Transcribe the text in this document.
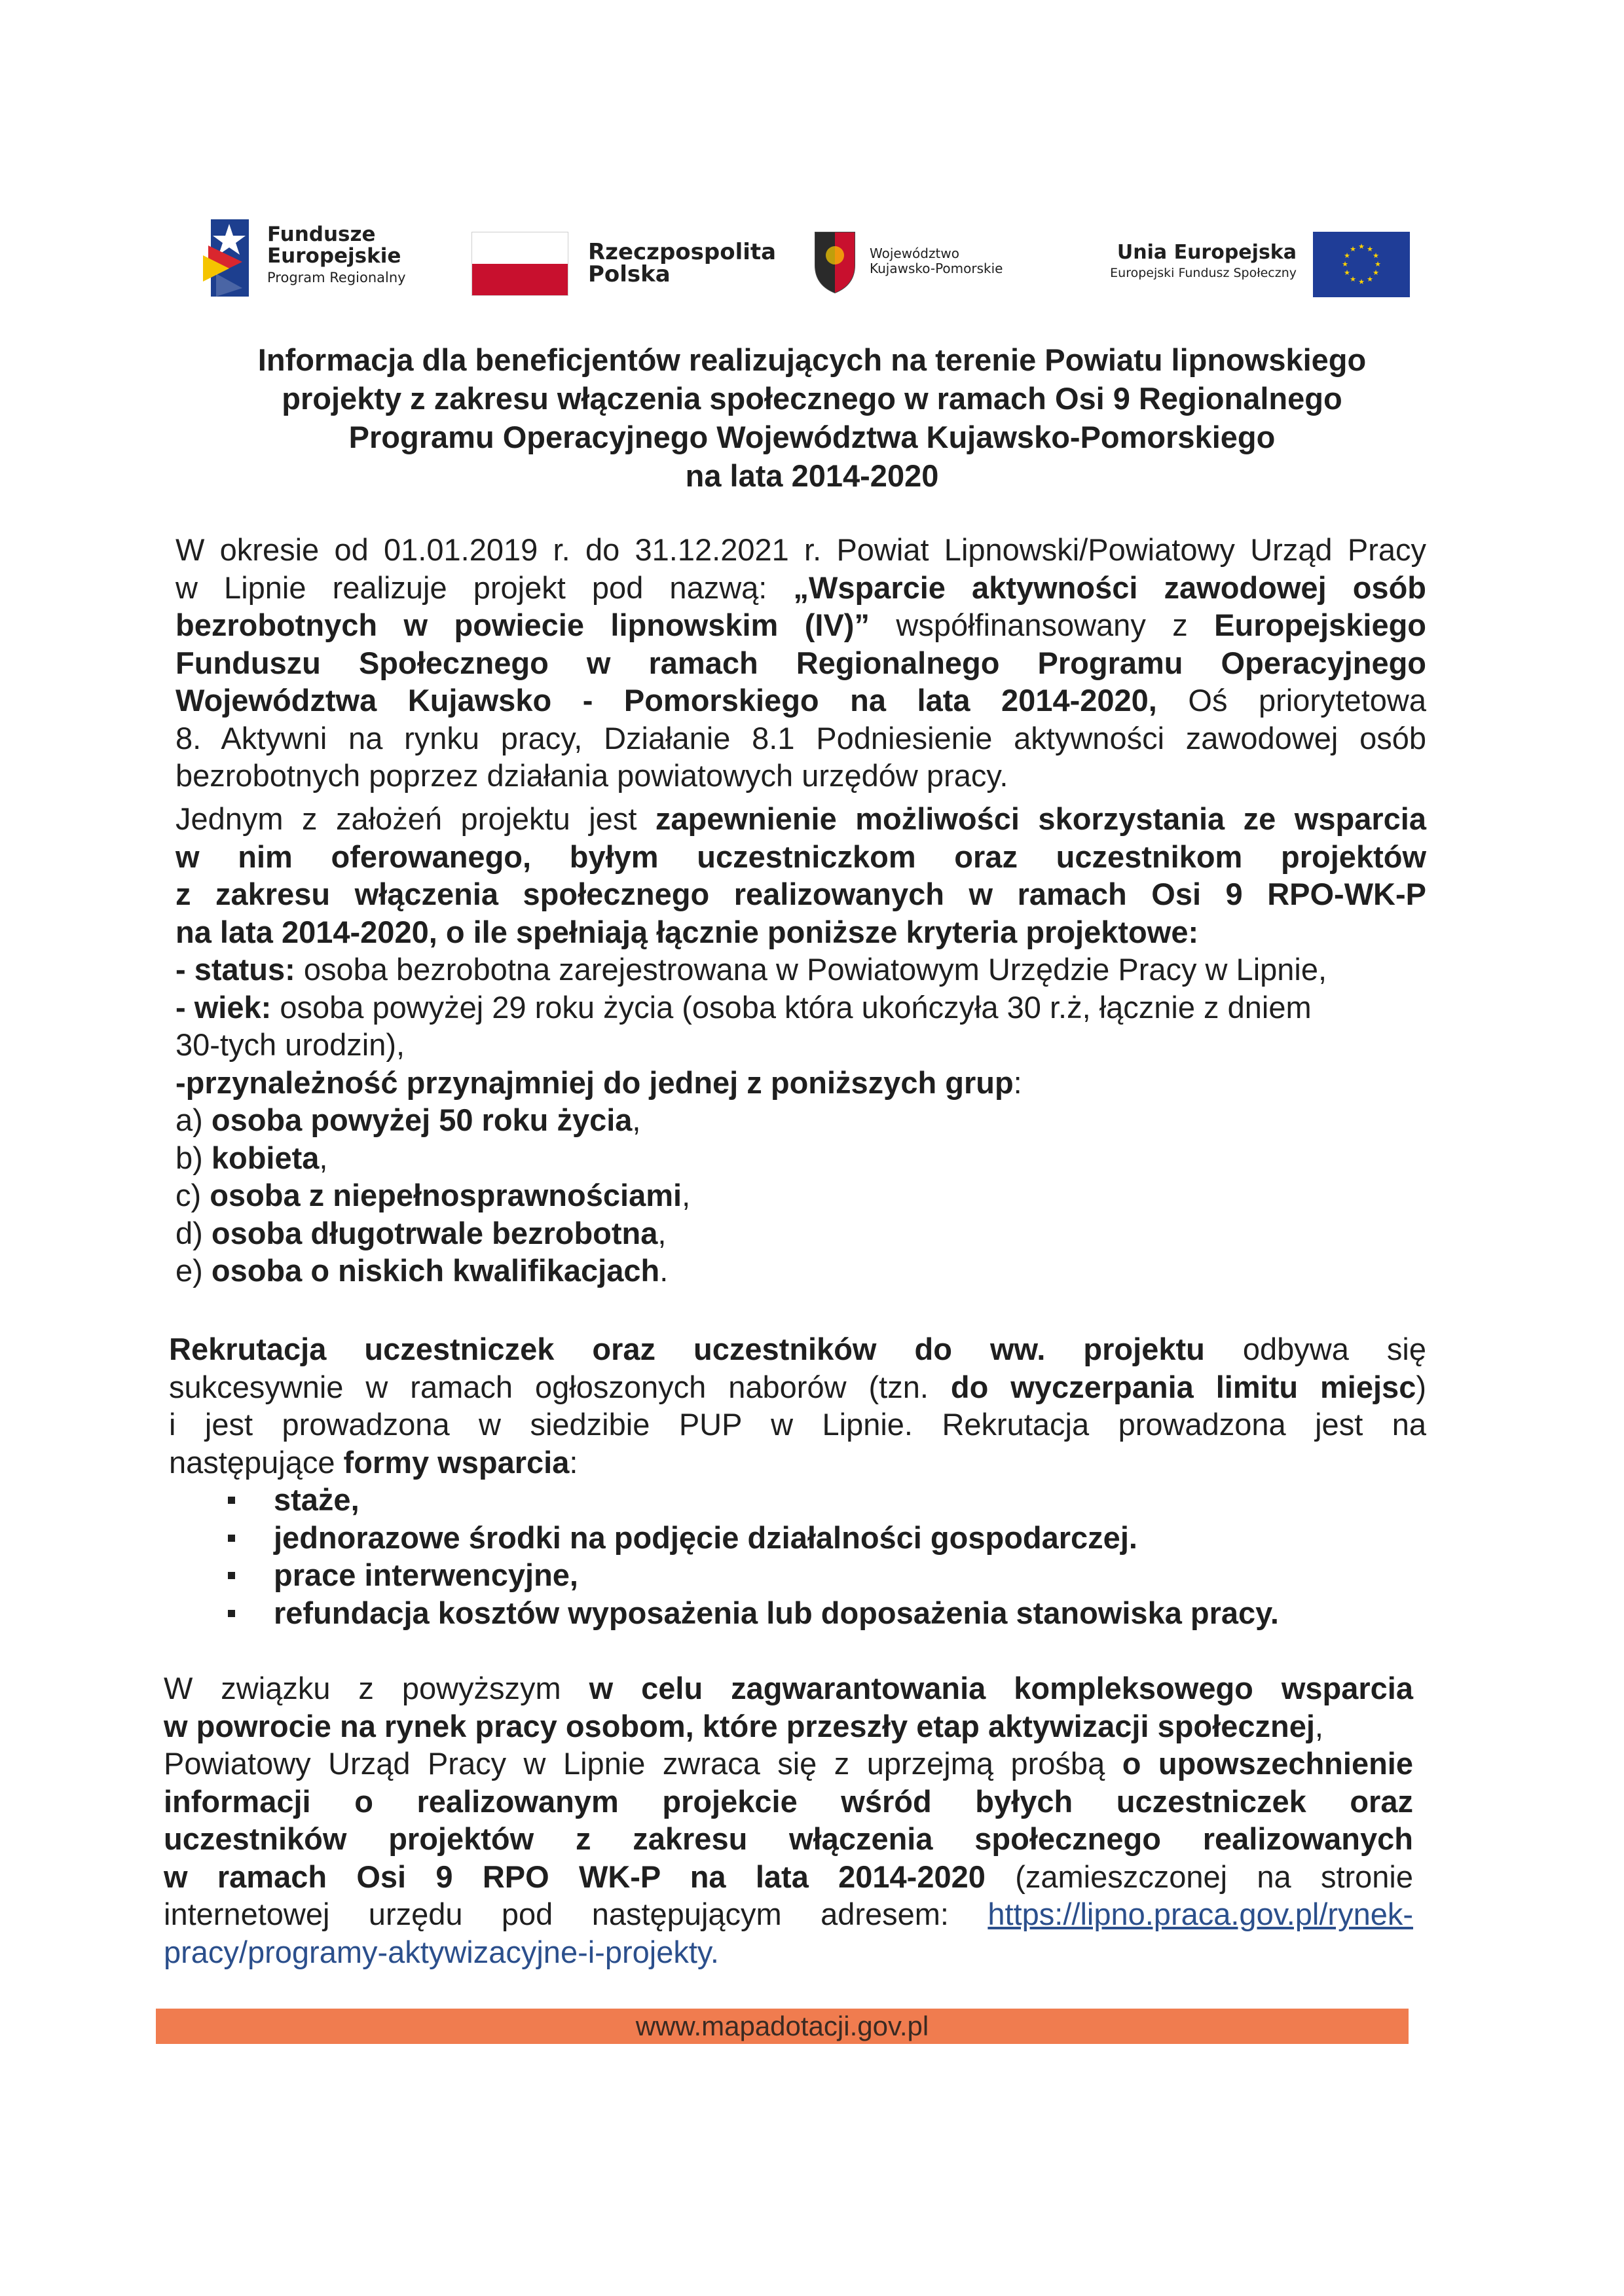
Fundusze
Europejskie
Program Regionalny
Rzeczpospolita
Polska
Województwo
Kujawsko-Pomorskie
Unia Europejska
Europejski Fundusz Społeczny
★ ★
★
★
★
★
★
★
★
★
★
★
Informacja dla beneficjentów realizujących na terenie Powiatu lipnowskiego
projekty z zakresu włączenia społecznego w ramach Osi 9 Regionalnego
Programu Operacyjnego Województwa Kujawsko-Pomorskiego
na lata 2014-2020
W okresie od 01.01.2019 r. do 31.12.2021 r. Powiat Lipnowski/Powiatowy Urząd Pracy
w Lipnie realizuje projekt pod nazwą: „Wsparcie aktywności zawodowej osób
bezrobotnych w powiecie lipnowskim (IV)” współfinansowany z Europejskiego
Funduszu Społecznego w ramach Regionalnego Programu Operacyjnego
Województwa Kujawsko - Pomorskiego na lata 2014-2020, Oś priorytetowa
8. Aktywni na rynku pracy, Działanie 8.1 Podniesienie aktywności zawodowej osób
bezrobotnych poprzez działania powiatowych urzędów pracy.
Jednym z założeń projektu jest zapewnienie możliwości skorzystania ze wsparcia
w nim oferowanego, byłym uczestniczkom oraz uczestnikom projektów
z zakresu włączenia społecznego realizowanych w ramach Osi 9 RPO-WK-P
na lata 2014-2020, o ile spełniają łącznie poniższe kryteria projektowe:
- status: osoba bezrobotna zarejestrowana w Powiatowym Urzędzie Pracy w Lipnie,
- wiek: osoba powyżej 29 roku życia (osoba która ukończyła 30 r.ż, łącznie z dniem
30-tych urodzin),
-przynależność przynajmniej do jednej z poniższych grup:
a) osoba powyżej 50 roku życia,
b) kobieta,
c) osoba z niepełnosprawnościami,
d) osoba długotrwale bezrobotna,
e) osoba o niskich kwalifikacjach.
Rekrutacja uczestniczek oraz uczestników do ww. projektu odbywa się
sukcesywnie w ramach ogłoszonych naborów (tzn. do wyczerpania limitu miejsc)
i jest prowadzona w siedzibie PUP w Lipnie. Rekrutacja prowadzona jest na
następujące formy wsparcia:
staże,
jednorazowe środki na podjęcie działalności gospodarczej.
prace interwencyjne,
refundacja kosztów wyposażenia lub doposażenia stanowiska pracy.
W związku z powyższym w celu zagwarantowania kompleksowego wsparcia
w powrocie na rynek pracy osobom, które przeszły etap aktywizacji społecznej,
Powiatowy Urząd Pracy w Lipnie zwraca się z uprzejmą prośbą o upowszechnienie
informacji o realizowanym projekcie wśród byłych uczestniczek oraz
uczestników projektów z zakresu włączenia społecznego realizowanych
w ramach Osi 9 RPO WK-P na lata 2014-2020 (zamieszczonej na stronie
internetowej urzędu pod następującym adresem: https://lipno.praca.gov.pl/rynek-
pracy/programy-aktywizacyjne-i-projekty.
www.mapadotacji.gov.pl
